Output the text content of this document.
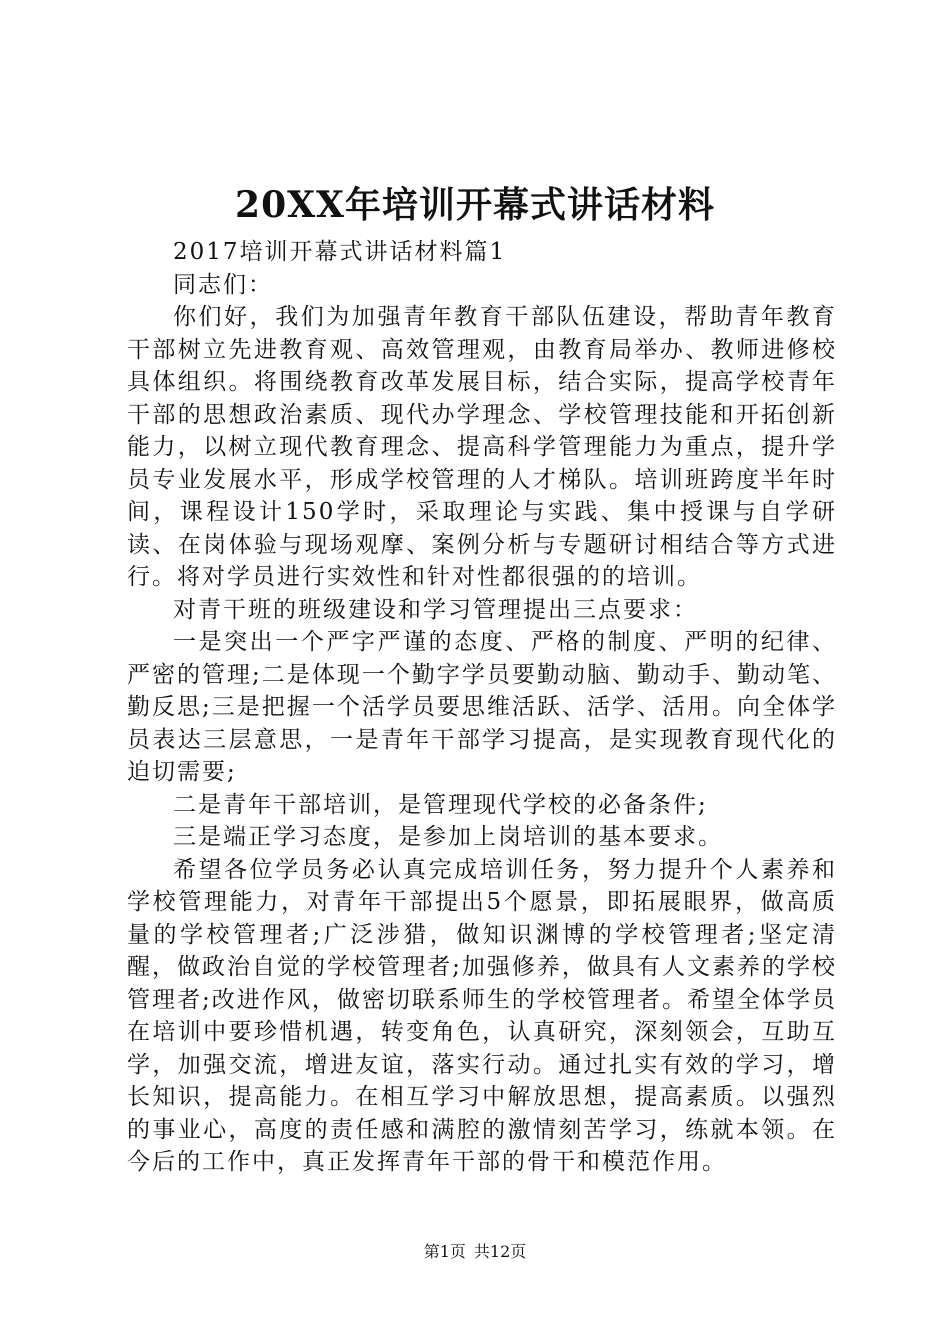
20XX年培训开幕式讲话材料

2017培训开幕式讲话材料篇1

同志们：

你们好，我们为加强青年教育干部队伍建设，帮助青年教育干部树立先进教育观、高效管理观，由教育局举办、教师进修校具体组织。将围绕教育改革发展目标，结合实际，提高学校青年干部的思想政治素质、现代办学理念、学校管理技能和开拓创新能力，以树立现代教育理念、提高科学管理能力为重点，提升学员专业发展水平，形成学校管理的人才梯队。培训班跨度半年时间，课程设计150学时，采取理论与实践、集中授课与自学研读、在岗体验与现场观摩、案例分析与专题研讨相结合等方式进行。将对学员进行实效性和针对性都很强的的培训。

对青干班的班级建设和学习管理提出三点要求：

一是突出一个严字严谨的态度、严格的制度、严明的纪律、严密的管理;二是体现一个勤字学员要勤动脑、勤动手、勤动笔、勤反思;三是把握一个活学员要思维活跃、活学、活用。向全体学员表达三层意思，一是青年干部学习提高，是实现教育现代化的迫切需要;

二是青年干部培训，是管理现代学校的必备条件;

三是端正学习态度，是参加上岗培训的基本要求。

希望各位学员务必认真完成培训任务，努力提升个人素养和学校管理能力，对青年干部提出5个愿景，即拓展眼界，做高质量的学校管理者;广泛涉猎，做知识渊博的学校管理者;坚定清醒，做政治自觉的学校管理者;加强修养，做具有人文素养的学校管理者;改进作风，做密切联系师生的学校管理者。希望全体学员在培训中要珍惜机遇，转变角色，认真研究，深刻领会，互助互学，加强交流，增进友谊，落实行动。通过扎实有效的学习，增长知识，提高能力。在相互学习中解放思想，提高素质。以强烈的事业心，高度的责任感和满腔的激情刻苦学习，练就本领。在今后的工作中，真正发挥青年干部的骨干和模范作用。

第1页 共12页
